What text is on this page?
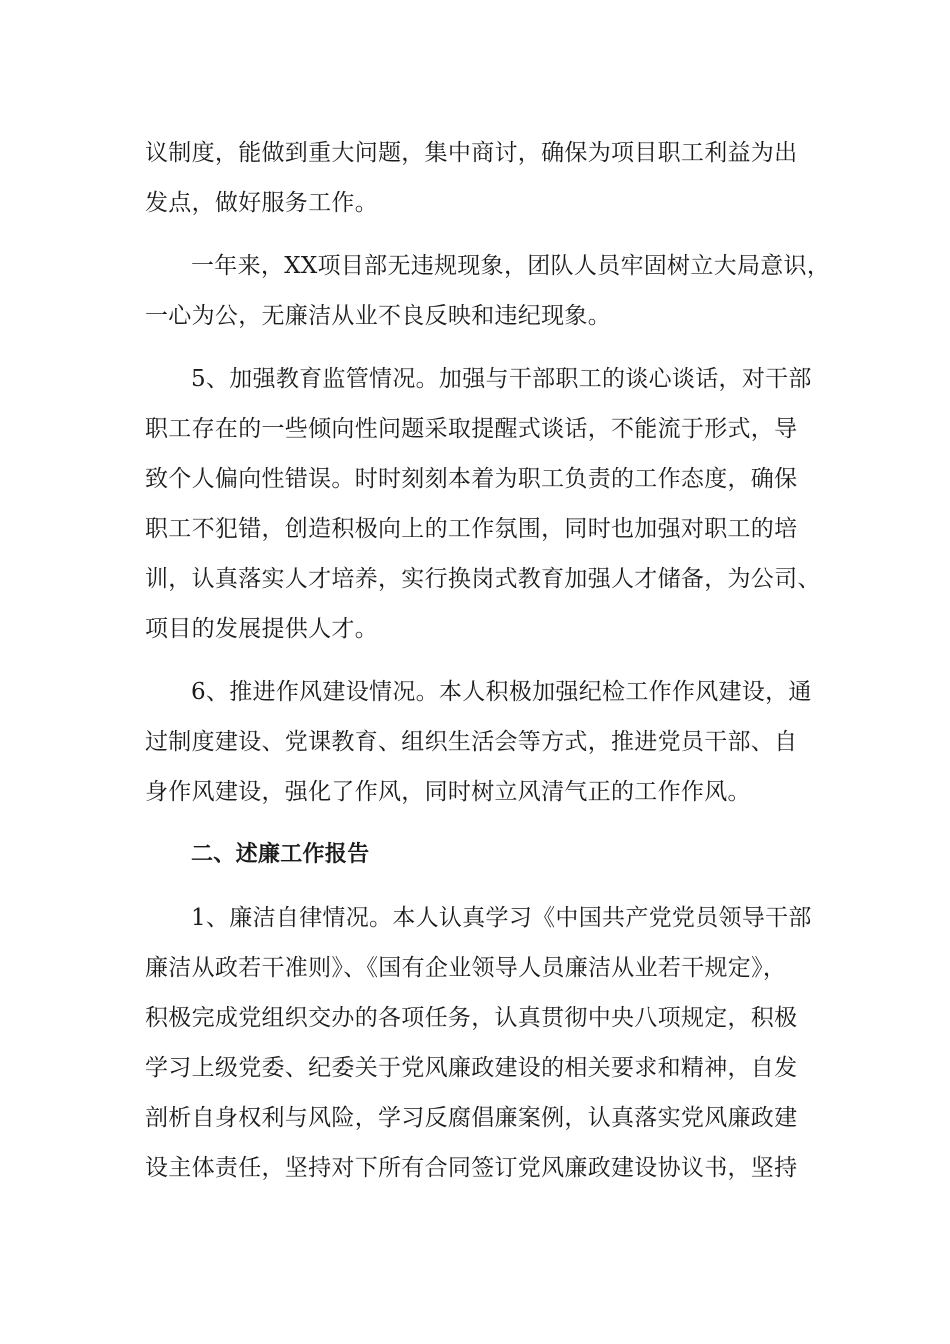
议制度，能做到重大问题，集中商讨，确保为项目职工利益为出
发点，做好服务工作。
一年来，XX项目部无违规现象，团队人员牢固树立大局意识，
一心为公，无廉洁从业不良反映和违纪现象。
5、加强教育监管情况。加强与干部职工的谈心谈话，对干部
职工存在的一些倾向性问题采取提醒式谈话，不能流于形式，导
致个人偏向性错误。时时刻刻本着为职工负责的工作态度，确保
职工不犯错，创造积极向上的工作氛围，同时也加强对职工的培
训，认真落实人才培养，实行换岗式教育加强人才储备，为公司、
项目的发展提供人才。
6、推进作风建设情况。本人积极加强纪检工作作风建设，通
过制度建设、党课教育、组织生活会等方式，推进党员干部、自
身作风建设，强化了作风，同时树立风清气正的工作作风。
二、述廉工作报告
1、廉洁自律情况。本人认真学习《中国共产党党员领导干部
廉洁从政若干准则》、《国有企业领导人员廉洁从业若干规定》，
积极完成党组织交办的各项任务，认真贯彻中央八项规定，积极
学习上级党委、纪委关于党风廉政建设的相关要求和精神，自发
剖析自身权利与风险，学习反腐倡廉案例，认真落实党风廉政建
设主体责任，坚持对下所有合同签订党风廉政建设协议书，坚持
